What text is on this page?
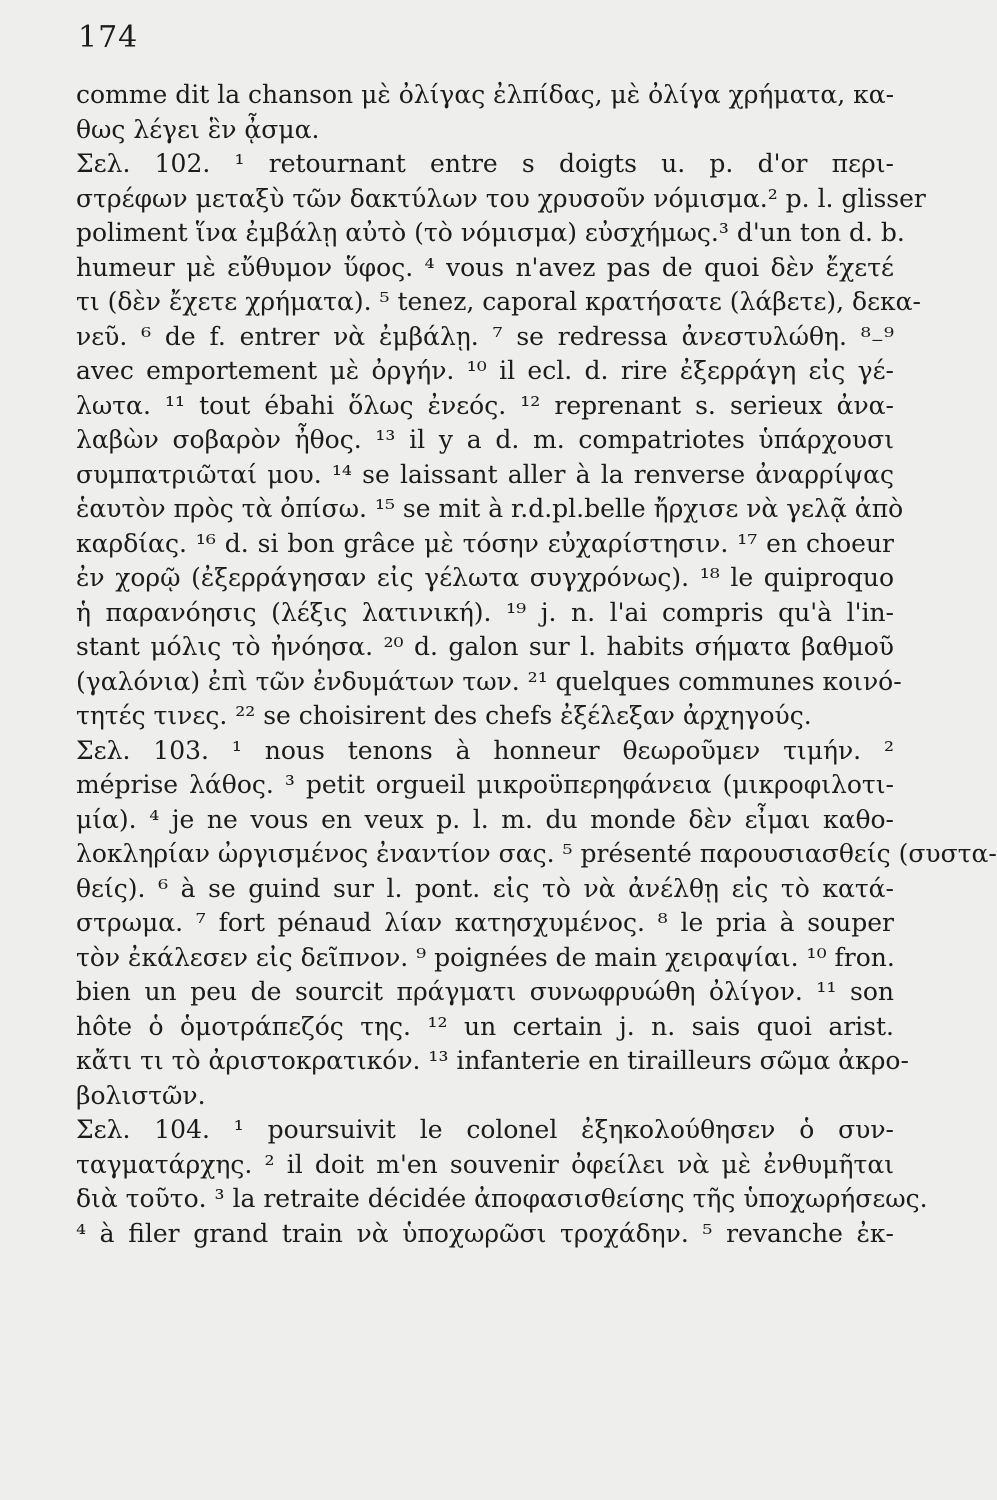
174
comme dit la chanson μὲ ὀλίγας ἐλπίδας, μὲ ὀλίγα χρήματα, κα-
θως λέγει ἓν ᾆσμα.
Σελ. 102. ¹ retournant entre s doigts u. p. d'or περι-
στρέφων μεταξὺ τῶν δακτύλων του χρυσοῦν νόμισμα.² p. l. glisser
poliment ἵνα ἐμβάλῃ αὐτὸ (τὸ νόμισμα) εὐσχήμως.³ d'un ton d. b.
humeur μὲ εὔθυμον ὕφος. ⁴ vous n'avez pas de quoi δὲν ἔχετέ
τι (δὲν ἔχετε χρήματα). ⁵ tenez, caporal κρατήσατε (λάβετε), δεκα-
νεῦ. ⁶ de f. entrer νὰ ἐμβάλῃ. ⁷ se redressa ἀνεστυλώθη. ⁸₋⁹
avec emportement μὲ ὀργήν. ¹⁰ il ecl. d. rire ἐξερράγη εἰς γέ-
λωτα. ¹¹ tout ébahi ὅλως ἐνεός. ¹² reprenant s. serieux ἀνα-
λαβὼν σοβαρὸν ἦθος. ¹³ il y a d. m. compatriotes ὑπάρχουσι
συμπατριῶταί μου. ¹⁴ se laissant aller à la renverse ἀναρρίψας
ἑαυτὸν πρὸς τὰ ὀπίσω. ¹⁵ se mit à r.d.pl.belle ἤρχισε νὰ γελᾷ ἀπὸ
καρδίας. ¹⁶ d. si bon grâce μὲ τόσην εὐχαρίστησιν. ¹⁷ en choeur
ἐν χορῷ (ἐξερράγησαν εἰς γέλωτα συγχρόνως). ¹⁸ le quiproquo
ἡ παρανόησις (λέξις λατινική). ¹⁹ j. n. l'ai compris qu'à l'in-
stant μόλις τὸ ἠνόησα. ²⁰ d. galon sur l. habits σήματα βαθμοῦ
(γαλόνια) ἐπὶ τῶν ἐνδυμάτων των. ²¹ quelques communes κοινό-
τητές τινες. ²² se choisirent des chefs ἐξέλεξαν ἀρχηγούς.
Σελ. 103. ¹ nous tenons à honneur θεωροῦμεν τιμήν. ²
méprise λάθος. ³ petit orgueil μικροϋπερηφάνεια (μικροφιλοτι-
μία). ⁴ je ne vous en veux p. l. m. du monde δὲν εἶμαι καθο-
λοκληρίαν ὠργισμένος ἐναντίον σας. ⁵ présenté παρουσιασθείς (συστα-
θείς). ⁶ à se guind sur l. pont. εἰς τὸ νὰ ἀνέλθῃ εἰς τὸ κατά-
στρωμα. ⁷ fort pénaud λίαν κατησχυμένος. ⁸ le pria à souper
τὸν ἐκάλεσεν εἰς δεῖπνον. ⁹ poignées de main χειραψίαι. ¹⁰ fron.
bien un peu de sourcit πράγματι συνωφρυώθη ὀλίγον. ¹¹ son
hôte ὁ ὁμοτράπεζός της. ¹² un certain j. n. sais quoi arist.
κἄτι τι τὸ ἀριστοκρατικόν. ¹³ infanterie en tirailleurs σῶμα ἀκρο-
βολιστῶν.
Σελ. 104. ¹ poursuivit le colonel ἐξηκολούθησεν ὁ συν-
ταγματάρχης. ² il doit m'en souvenir ὀφείλει νὰ μὲ ἐνθυμῆται
διὰ τοῦτο. ³ la retraite décidée ἀποφασισθείσης τῆς ὑποχωρήσεως.
⁴ à filer grand train νὰ ὑποχωρῶσι τροχάδην. ⁵ revanche ἐκ-
